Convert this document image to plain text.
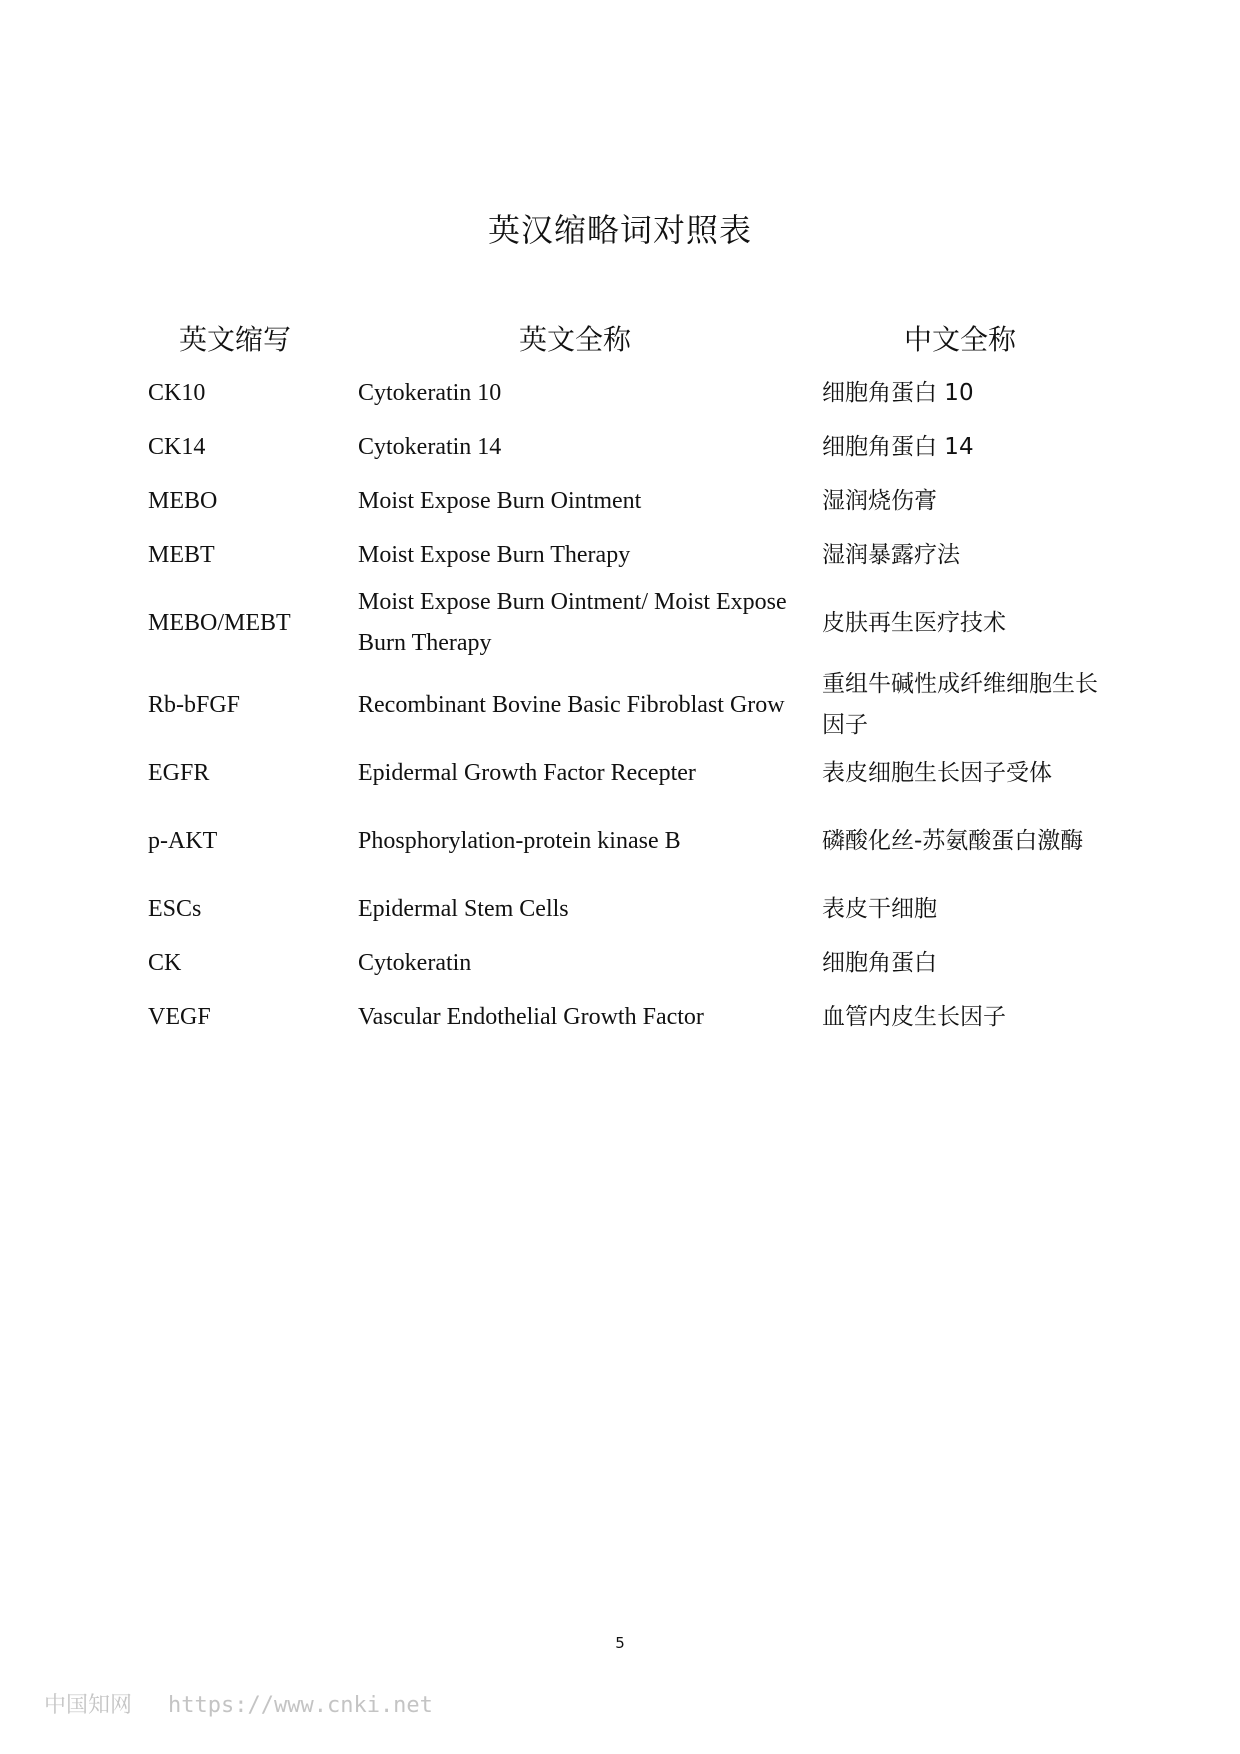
英汉缩略词对照表
英文缩写	英文全称	中文全称
CK10	Cytokeratin 10	细胞角蛋白 10
CK14	Cytokeratin 14	细胞角蛋白 14
MEBO	Moist Expose Burn Ointment	湿润烧伤膏
MEBT	Moist Expose Burn Therapy	湿润暴露疗法
MEBO/MEBT	Moist Expose Burn Ointment/ Moist Expose Burn Therapy	皮肤再生医疗技术
Rb-bFGF	Recombinant Bovine Basic Fibroblast Grow	重组牛碱性成纤维细胞生长因子
EGFR	Epidermal Growth Factor Recepter	表皮细胞生长因子受体
p-AKT	Phosphorylation-protein kinase B	磷酸化丝-苏氨酸蛋白激酶
ESCs	Epidermal Stem Cells	表皮干细胞
CK	Cytokeratin	细胞角蛋白
VEGF	Vascular Endothelial Growth Factor	血管内皮生长因子
5
中国知网 https://www.cnki.net
